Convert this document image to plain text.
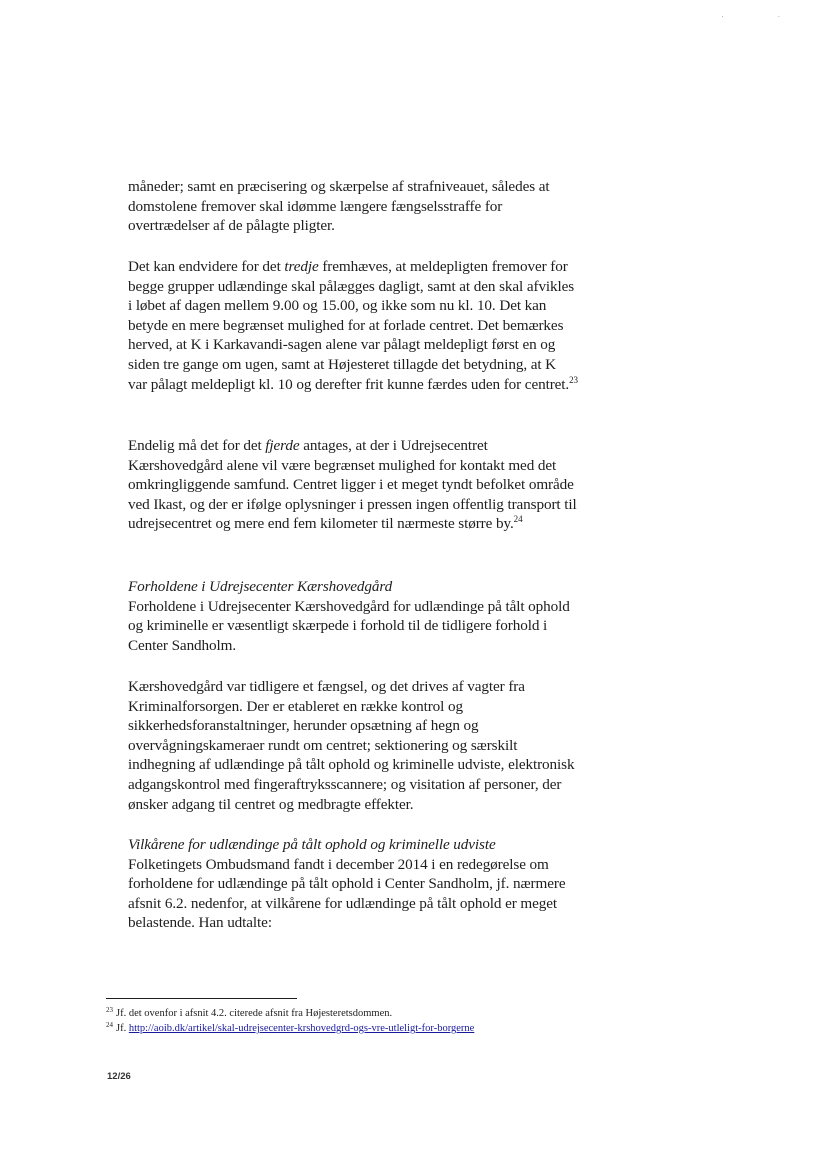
. .

måneder; samt en præcisering og skærpelse af strafniveauet, således at domstolene fremover skal idømme længere fængselsstraffe for overtrædelser af de pålagte pligter.

Det kan endvidere for det tredje fremhæves, at meldepligten fremover for begge grupper udlændinge skal pålægges dagligt, samt at den skal afvikles i løbet af dagen mellem 9.00 og 15.00, og ikke som nu kl. 10. Det kan betyde en mere begrænset mulighed for at forlade centret. Det bemærkes herved, at K i Karkavandi-sagen alene var pålagt meldepligt først en og siden tre gange om ugen, samt at Højesteret tillagde det betydning, at K var pålagt meldepligt kl. 10 og derefter frit kunne færdes uden for centret.$^{23}$

Endelig må det for det fjerde antages, at der i Udrejsecentret Kærshovedgård alene vil være begrænset mulighed for kontakt med det omkringliggende samfund. Centret ligger i et meget tyndt befolket område ved Ikast, og der er ifølge oplysninger i pressen ingen offentlig transport til udrejsecentret og mere end fem kilometer til nærmeste større by.$^{24}$

Forholdene i Udrejsecenter Kærshovedgård

Forholdene i Udrejsecenter Kærshovedgård for udlændinge på tålt ophold og kriminelle er væsentligt skærpede i forhold til de tidligere forhold i Center Sandholm.

Kærshovedgård var tidligere et fængsel, og det drives af vagter fra Kriminalforsorgen. Der er etableret en række kontrol og sikkerhedsforanstaltninger, herunder opsætning af hegn og overvågningskameraer rundt om centret; sektionering og særskilt indhegning af udlændinge på tålt ophold og kriminelle udviste, elektronisk adgangskontrol med fingeraftryksscannere; og visitation af personer, der ønsker adgang til centret og medbragte effekter.

Vilkårene for udlændinge på tålt ophold og kriminelle udviste

Folketingets Ombudsmand fandt i december 2014 i en redegørelse om forholdene for udlændinge på tålt ophold i Center Sandholm, jf. nærmere afsnit 6.2. nedenfor, at vilkårene for udlændinge på tålt ophold er meget belastende. Han udtalte:

$^{23}$ Jf. det ovenfor i afsnit 4.2. citerede afsnit fra Højesteretsdommen.
$^{24}$ Jf. http://aoib.dk/artikel/skal-udrejsecenter-krshovedgrd-ogs-vre-utleligt-for-borgerne
12/26
